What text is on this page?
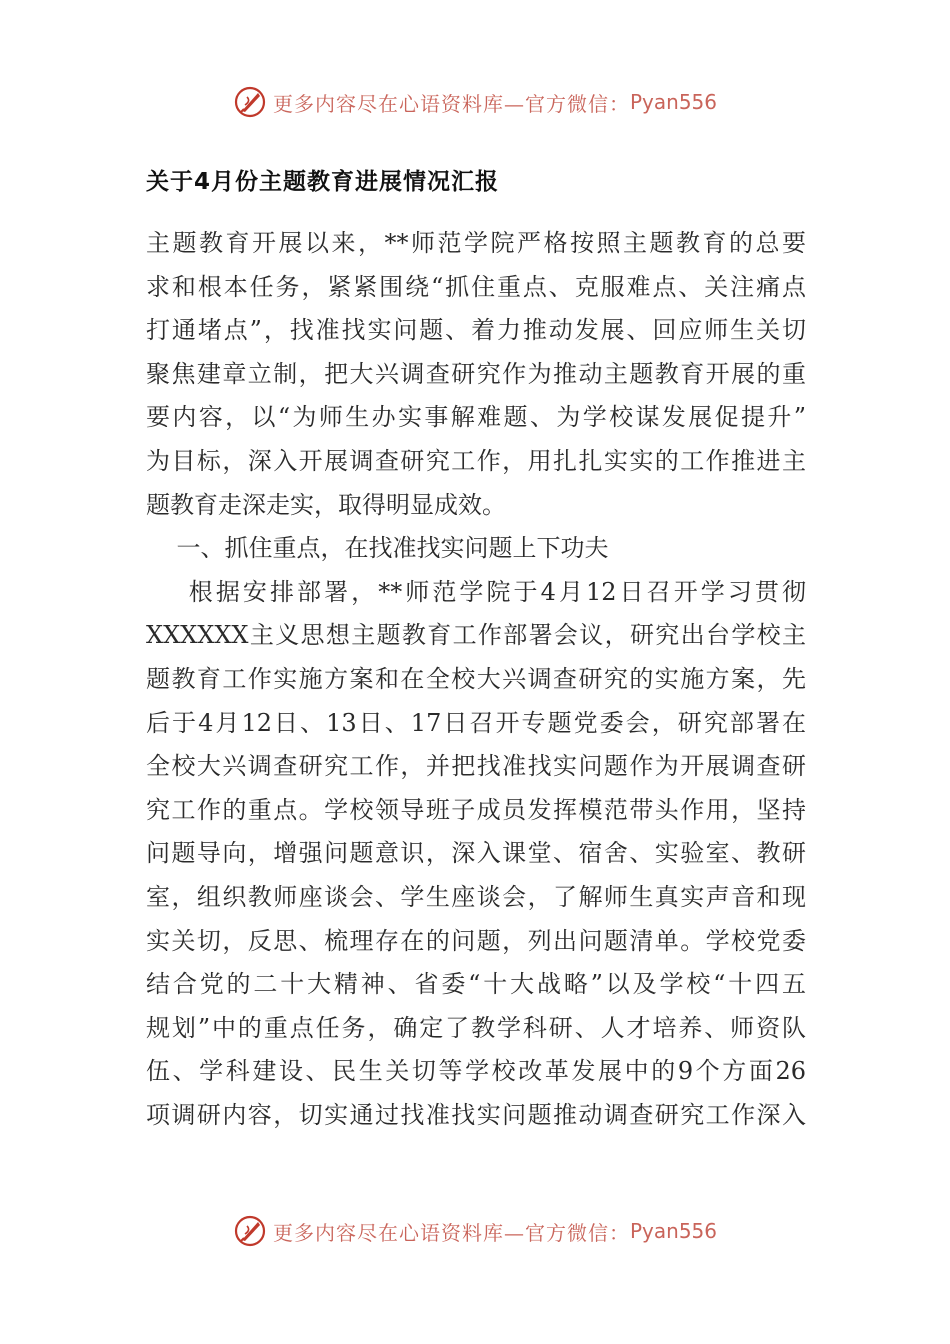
更多内容尽在心语资料库—官方微信： Pyan556
关于4月份主题教育进展情况汇报
主题教育开展以来，**师范学院严格按照主题教育的总要
求和根本任务，紧紧围绕“抓住重点、克服难点、关注痛点
打通堵点”，找准找实问题、着力推动发展、回应师生关切
聚焦建章立制，把大兴调查研究作为推动主题教育开展的重
要内容，以“为师生办实事解难题、为学校谋发展促提升”
为目标，深入开展调查研究工作，用扎扎实实的工作推进主
题教育走深走实，取得明显成效。
一、抓住重点，在找准找实问题上下功夫
根据安排部署，**师范学院于4月12日召开学习贯彻
XXXXXX主义思想主题教育工作部署会议，研究出台学校主
题教育工作实施方案和在全校大兴调查研究的实施方案，先
后于4月12日、13日、17日召开专题党委会，研究部署在
全校大兴调查研究工作，并把找准找实问题作为开展调查研
究工作的重点。学校领导班子成员发挥模范带头作用，坚持
问题导向，增强问题意识，深入课堂、宿舍、实验室、教研
室，组织教师座谈会、学生座谈会，了解师生真实声音和现
实关切，反思、梳理存在的问题，列出问题清单。学校党委
结合党的二十大精神、省委“十大战略”以及学校“十四五
规划”中的重点任务，确定了教学科研、人才培养、师资队
伍、学科建设、民生关切等学校改革发展中的9个方面26
项调研内容，切实通过找准找实问题推动调查研究工作深入
更多内容尽在心语资料库—官方微信： Pyan556
